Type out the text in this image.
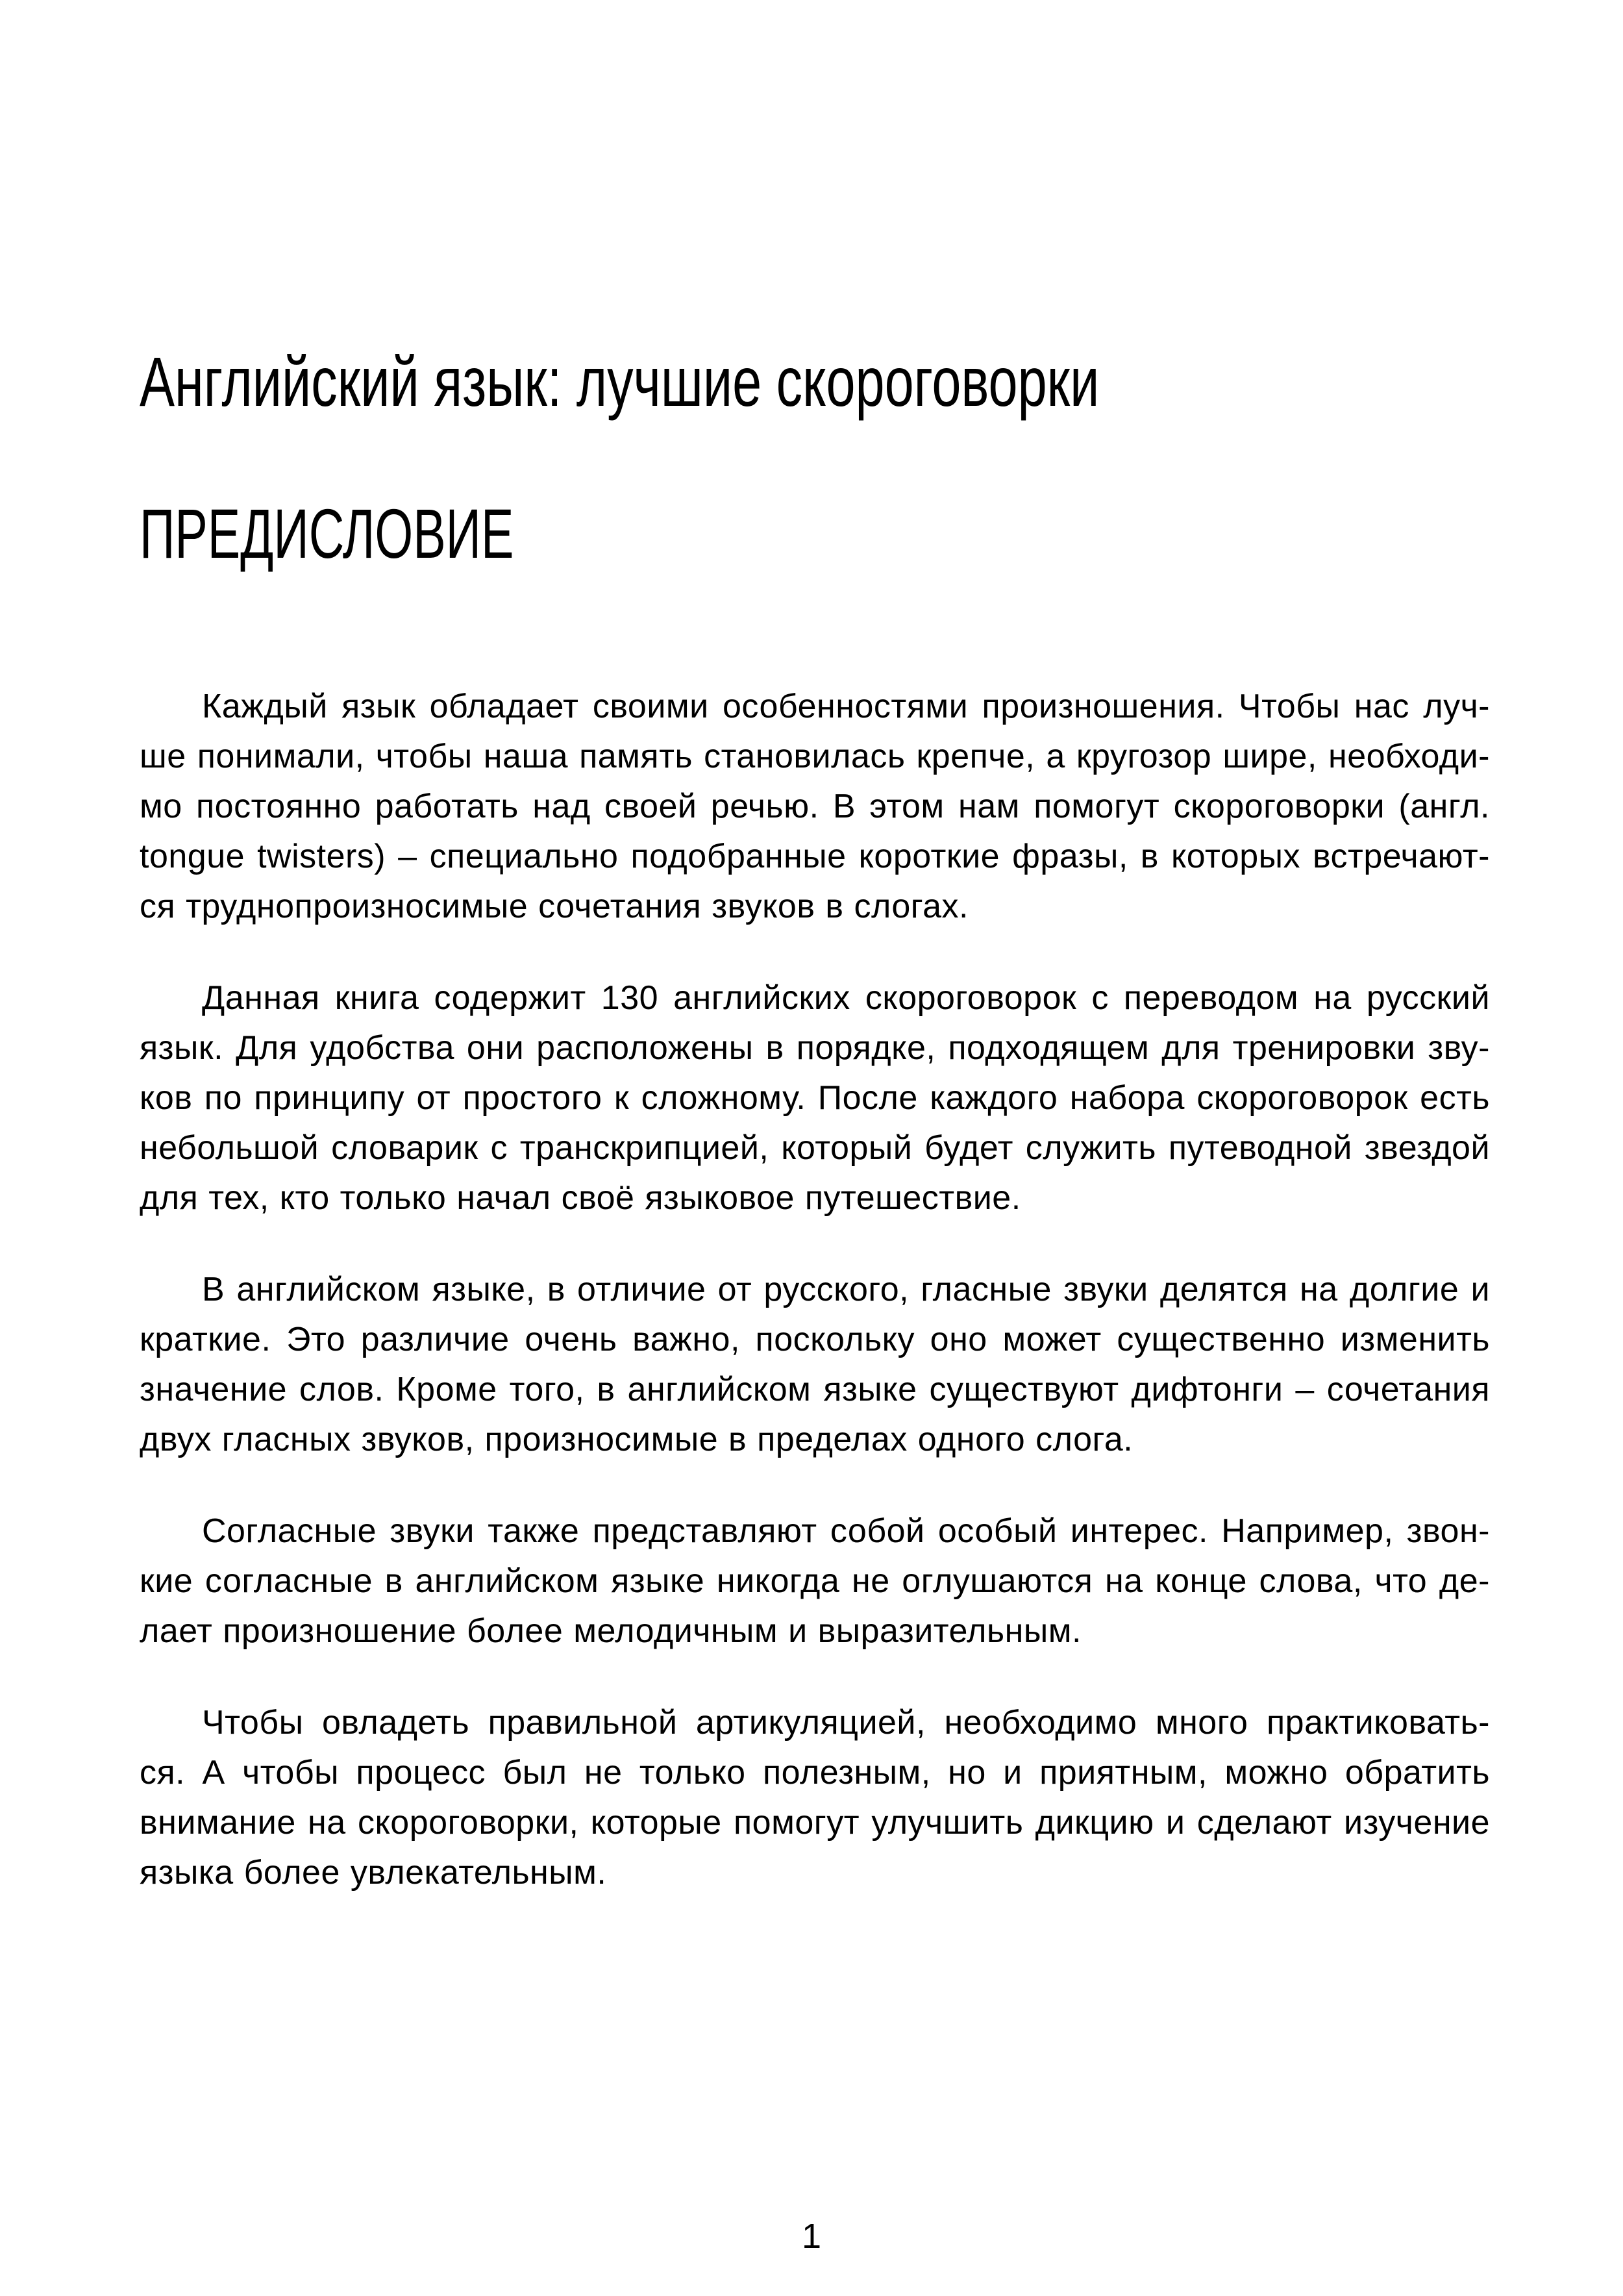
Английский язык: лучшие скороговорки
ПРЕДИСЛОВИЕ

Каждый язык обладает своими особенностями произношения. Чтобы нас луч-
ше понимали, чтобы наша память становилась крепче, а кругозор шире, необходи-
мо постоянно работать над своей речью. В этом нам помогут скороговорки (англ.
tongue twisters) – специально подобранные короткие фразы, в которых встречают-
ся труднопроизносимые сочетания звуков в слогах.

Данная книга содержит 130 английских скороговорок с переводом на русский
язык. Для удобства они расположены в порядке, подходящем для тренировки зву-
ков по принципу от простого к сложному. После каждого набора скороговорок есть
небольшой словарик с транскрипцией, который будет служить путеводной звездой
для тех, кто только начал своё языковое путешествие.

В английском языке, в отличие от русского, гласные звуки делятся на долгие и
краткие. Это различие очень важно, поскольку оно может существенно изменить
значение слов. Кроме того, в английском языке существуют дифтонги – сочетания
двух гласных звуков, произносимые в пределах одного слога.

Согласные звуки также представляют собой особый интерес. Например, звон-
кие согласные в английском языке никогда не оглушаются на конце слова, что де-
лает произношение более мелодичным и выразительным.

Чтобы овладеть правильной артикуляцией, необходимо много практиковать-
ся. А чтобы процесс был не только полезным, но и приятным, можно обратить
внимание на скороговорки, которые помогут улучшить дикцию и сделают изучение
языка более увлекательным.

1
